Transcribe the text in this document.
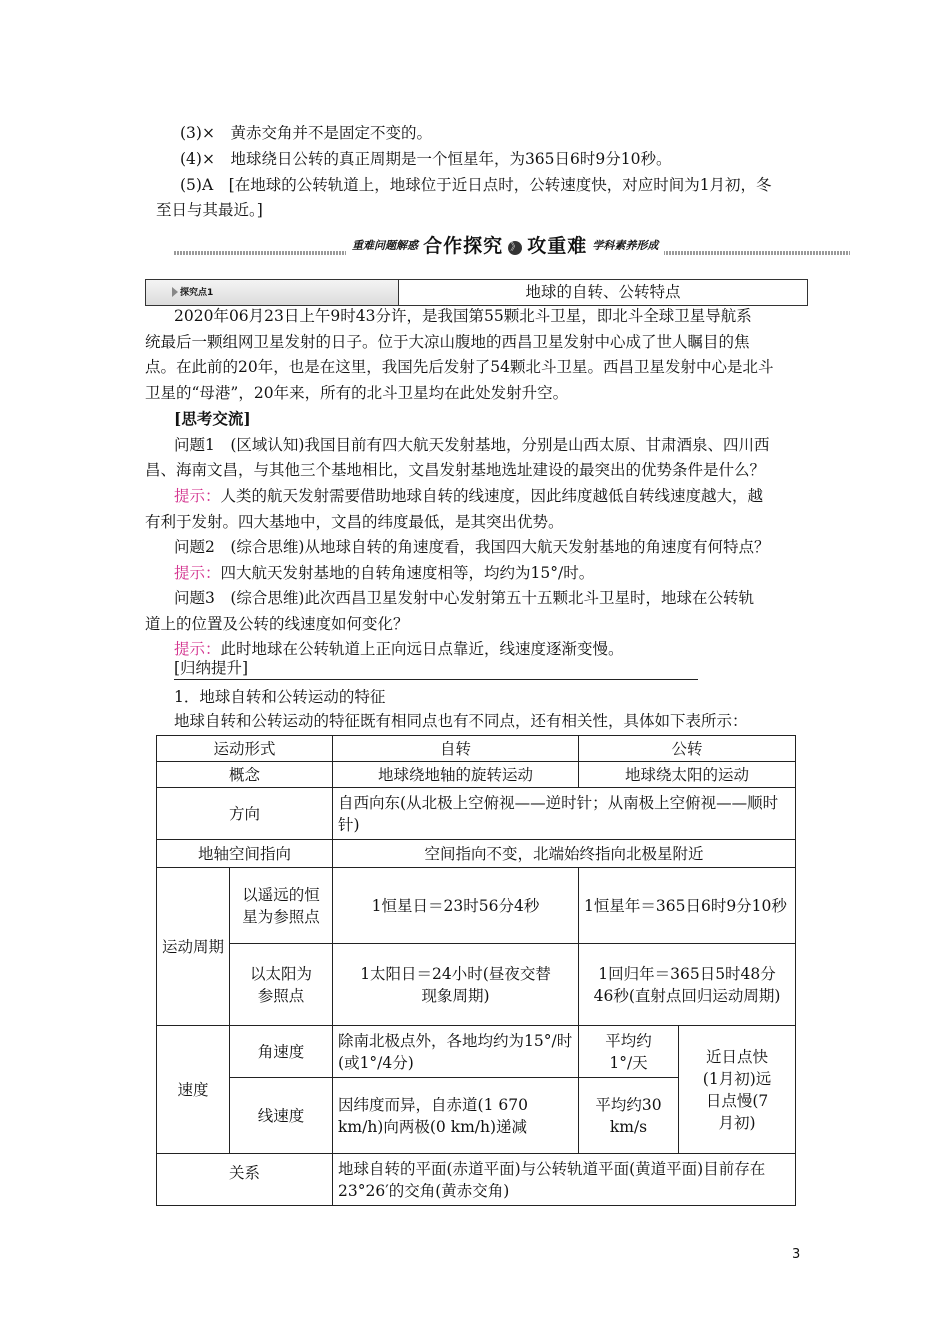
(3)×　黄赤交角并不是固定不变的。
(4)×　地球绕日公转的真正周期是一个恒星年，为365日6时9分10秒。
(5)A　[在地球的公转轨道上，地球位于近日点时，公转速度快，对应时间为1月初，冬
至日与其最近。]
重难问题解惑 合作探究 》 攻重难 学科素养形成
探究点1	地球的自转、公转特点
2020年06月23日上午9时43分许，是我国第55颗北斗卫星，即北斗全球卫星导航系
统最后一颗组网卫星发射的日子。位于大凉山腹地的西昌卫星发射中心成了世人瞩目的焦
点。在此前的20年，也是在这里，我国先后发射了54颗北斗卫星。西昌卫星发射中心是北斗
卫星的“母港”，20年来，所有的北斗卫星均在此处发射升空。
[思考交流]
问题1　(区域认知)我国目前有四大航天发射基地，分别是山西太原、甘肃酒泉、四川西
昌、海南文昌，与其他三个基地相比，文昌发射基地选址建设的最突出的优势条件是什么？
提示：人类的航天发射需要借助地球自转的线速度，因此纬度越低自转线速度越大，越
有利于发射。四大基地中，文昌的纬度最低，是其突出优势。
问题2　(综合思维)从地球自转的角速度看，我国四大航天发射基地的角速度有何特点？
提示：四大航天发射基地的自转角速度相等，均约为15°/时。
问题3　(综合思维)此次西昌卫星发射中心发射第五十五颗北斗卫星时，地球在公转轨
道上的位置及公转的线速度如何变化？
提示：此时地球在公转轨道上正向远日点靠近，线速度逐渐变慢。
[归纳提升]
1．地球自转和公转运动的特征
地球自转和公转运动的特征既有相同点也有不同点，还有相关性，具体如下表所示：
运动形式		自转	公转	
概念		地球绕地轴的旋转运动	地球绕太阳的运动	
方向		自西向东(从北极上空俯视——逆时针；从南极上空俯视——顺时针)		
地轴空间指向		空间指向不变，北端始终指向北极星附近		
运动周期	以遥远的恒星为参照点	1恒星日＝23时56分4秒	1恒星年＝365日6时9分10秒	
	以太阳为参照点	1太阳日＝24小时(昼夜交替现象周期)	1回归年＝365日5时48分46秒(直射点回归运动周期)	
速度	角速度	除南北极点外，各地均约为15°/时(或1°/4分)	平均约1°/天	近日点快(1月初)远日点慢(7月初)
	线速度	因纬度而异，自赤道(1 670 km/h)向两极(0 km/h)递减	平均约30 km/s	
关系		地球自转的平面(赤道平面)与公转轨道平面(黄道平面)目前存在23°26′的交角(黄赤交角)		
3
